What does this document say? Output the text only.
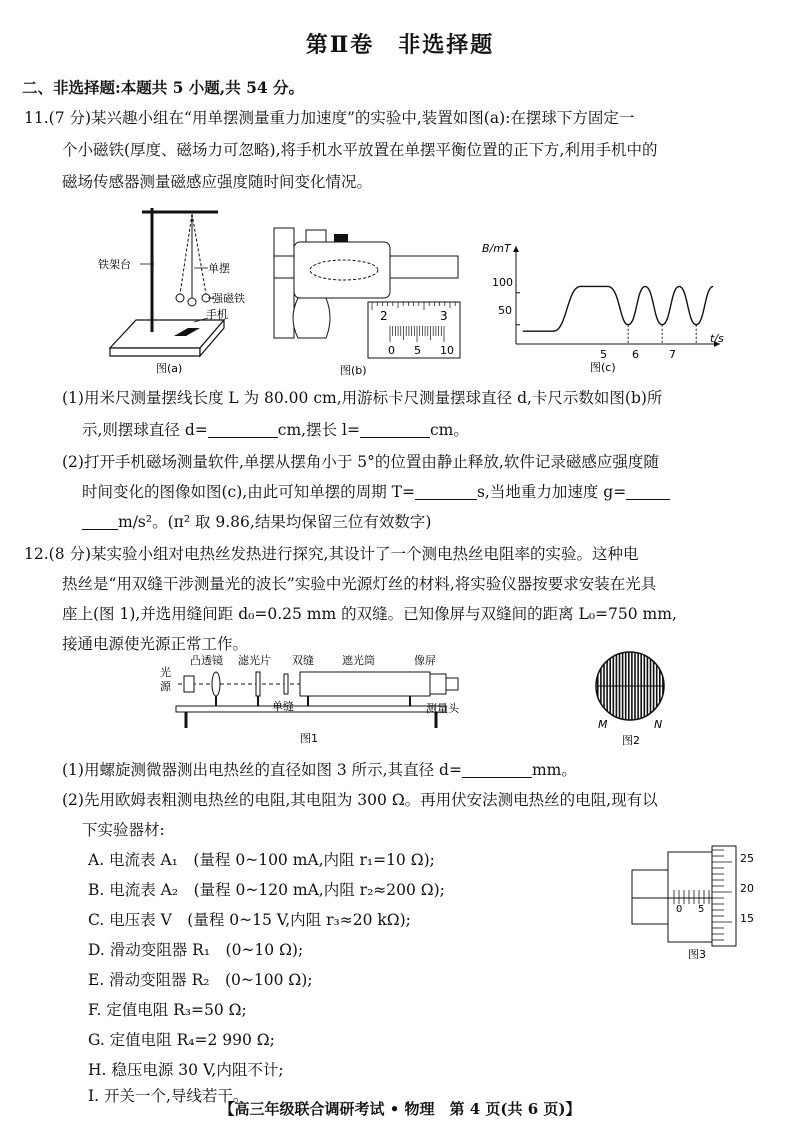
第Ⅱ卷　非选择题
二、非选择题:本题共 5 小题,共 54 分。
11.(7 分)某兴趣小组在“用单摆测量重力加速度”的实验中,装置如图(a):在摆球下方固定一
个小磁铁(厚度、磁场力可忽略),将手机水平放置在单摆平衡位置的正下方,利用手机中的
磁场传感器测量磁感应强度随时间变化情况。
铁架台	单摆
强磁铁
手机
图(a)
2	3
0 5 10
图(b)
B/mT
t/s
100
50
5 6	7
图(c)
(1)用米尺测量摆线长度 L 为 80.00 cm,用游标卡尺测量摆球直径 d,卡尺示数如图(b)所
示,则摆球直径 d=	cm,摆长 l=	cm。
(2)打开手机磁场测量软件,单摆从摆角小于 5°的位置由静止释放,软件记录磁感应强度随
时间变化的图像如图(c),由此可知单摆的周期 T=	s,当地重力加速度 g=
m/s²。(π² 取 9.86,结果均保留三位有效数字)
12.(8 分)某实验小组对电热丝发热进行探究,其设计了一个测电热丝电阻率的实验。这种电
热丝是“用双缝干涉测量光的波长”实验中光源灯丝的材料,将实验仪器按要求安装在光具
座上(图 1),并选用缝间距 d₀=0.25 mm 的双缝。已知像屏与双缝间的距离 L₀=750 mm,
接通电源使光源正常工作。
光
源
凸透镜 滤光片 双缝	遮光筒	像屏
单缝	测量头
图1
M	N
图2
(1)用螺旋测微器测出电热丝的直径如图 3 所示,其直径 d=	mm。
(2)先用欧姆表粗测电热丝的电阻,其电阻为 300 Ω。再用伏安法测电热丝的电阻,现有以
下实验器材:
A. 电流表 A₁　(量程 0~100 mA,内阻 r₁=10 Ω);
B. 电流表 A₂　(量程 0~120 mA,内阻 r₂≈200 Ω);
C. 电压表 V　(量程 0~15 V,内阻 r₃≈20 kΩ);
D. 滑动变阻器 R₁　(0~10 Ω);
E. 滑动变阻器 R₂　(0~100 Ω);
F. 定值电阻 R₃=50 Ω;
G. 定值电阻 R₄=2 990 Ω;
H. 稳压电源 30 V,内阻不计;
I. 开关一个,导线若干。
25
20
15
0 5
图3
【高三年级联合调研考试 • 物理　第 4 页(共 6 页)】
